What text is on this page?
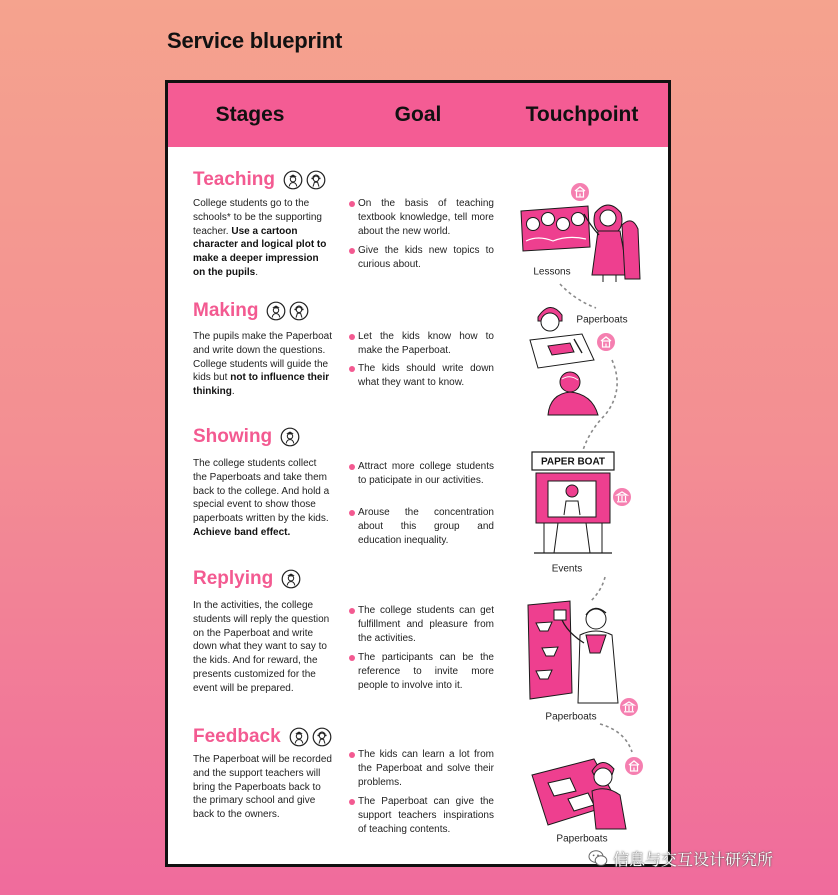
Service blueprint
Stages	Goal	Touchpoint
Teaching
College students go to the schools* to be the supporting teacher. Use a cartoon character and logical plot to make a deeper impression on the pupils.
On the basis of teaching textbook knowledge, tell more about the new world.
Give the kids new topics to curious about.
Making
The pupils make the Paperboat and write down the questions. College students will guide the kids but not to influence their thinking.
Let the kids know how to make the Paperboat.
The kids should write down what they want to know.
Showing
The college students collect the Paperboats and take them back to the college. And hold a special event to show those paperboats written by the kids. Achieve band effect.
Attract more college students to paticipate in our activities.
Arouse the concentration about this group and education inequality.
Replying
In the activities, the college students will reply the question on the Paperboat and write down what they want to say to the kids. And for reward, the presents customized for the event will be prepared.
The college students can get fulfillment and pleasure from the activities.
The participants can be the reference to invite more people to involve into it.
Feedback
The Paperboat will be recorded and the support teachers will bring the Paperboats back to the primary school and give back to the owners.
The kids can learn a lot from the Paperboat and solve their problems.
The Paperboat can give the support teachers inspirations of teaching contents.
Lessons
Paperboats
PAPER BOAT
Events
Paperboats
Paperboats
信息与交互设计研究所
